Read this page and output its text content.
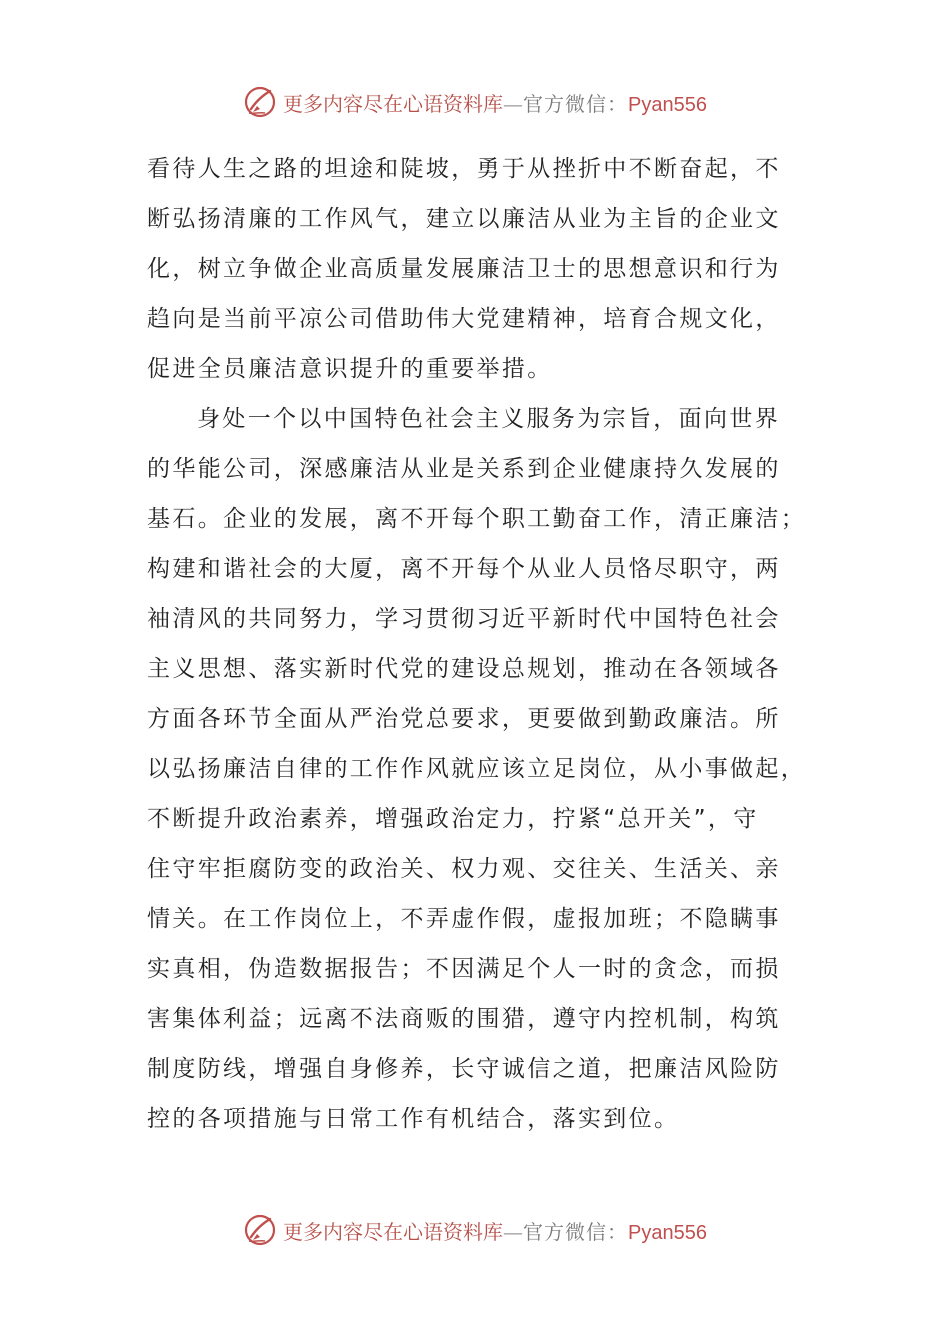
更多内容尽在心语资料库—官方微信：Pyan556
看待人生之路的坦途和陡坡，勇于从挫折中不断奋起，不
断弘扬清廉的工作风气，建立以廉洁从业为主旨的企业文
化，树立争做企业高质量发展廉洁卫士的思想意识和行为
趋向是当前平凉公司借助伟大党建精神，培育合规文化，
促进全员廉洁意识提升的重要举措。
身处一个以中国特色社会主义服务为宗旨，面向世界
的华能公司，深感廉洁从业是关系到企业健康持久发展的
基石。企业的发展，离不开每个职工勤奋工作，清正廉洁；
构建和谐社会的大厦，离不开每个从业人员恪尽职守，两
袖清风的共同努力，学习贯彻习近平新时代中国特色社会
主义思想、落实新时代党的建设总规划，推动在各领域各
方面各环节全面从严治党总要求，更要做到勤政廉洁。所
以弘扬廉洁自律的工作作风就应该立足岗位，从小事做起，
不断提升政治素养，增强政治定力，拧紧“总开关”，守
住守牢拒腐防变的政治关、权力观、交往关、生活关、亲
情关。在工作岗位上，不弄虚作假，虚报加班；不隐瞒事
实真相，伪造数据报告；不因满足个人一时的贪念，而损
害集体利益；远离不法商贩的围猎，遵守内控机制，构筑
制度防线，增强自身修养，长守诚信之道，把廉洁风险防
控的各项措施与日常工作有机结合，落实到位。
更多内容尽在心语资料库—官方微信：Pyan556
